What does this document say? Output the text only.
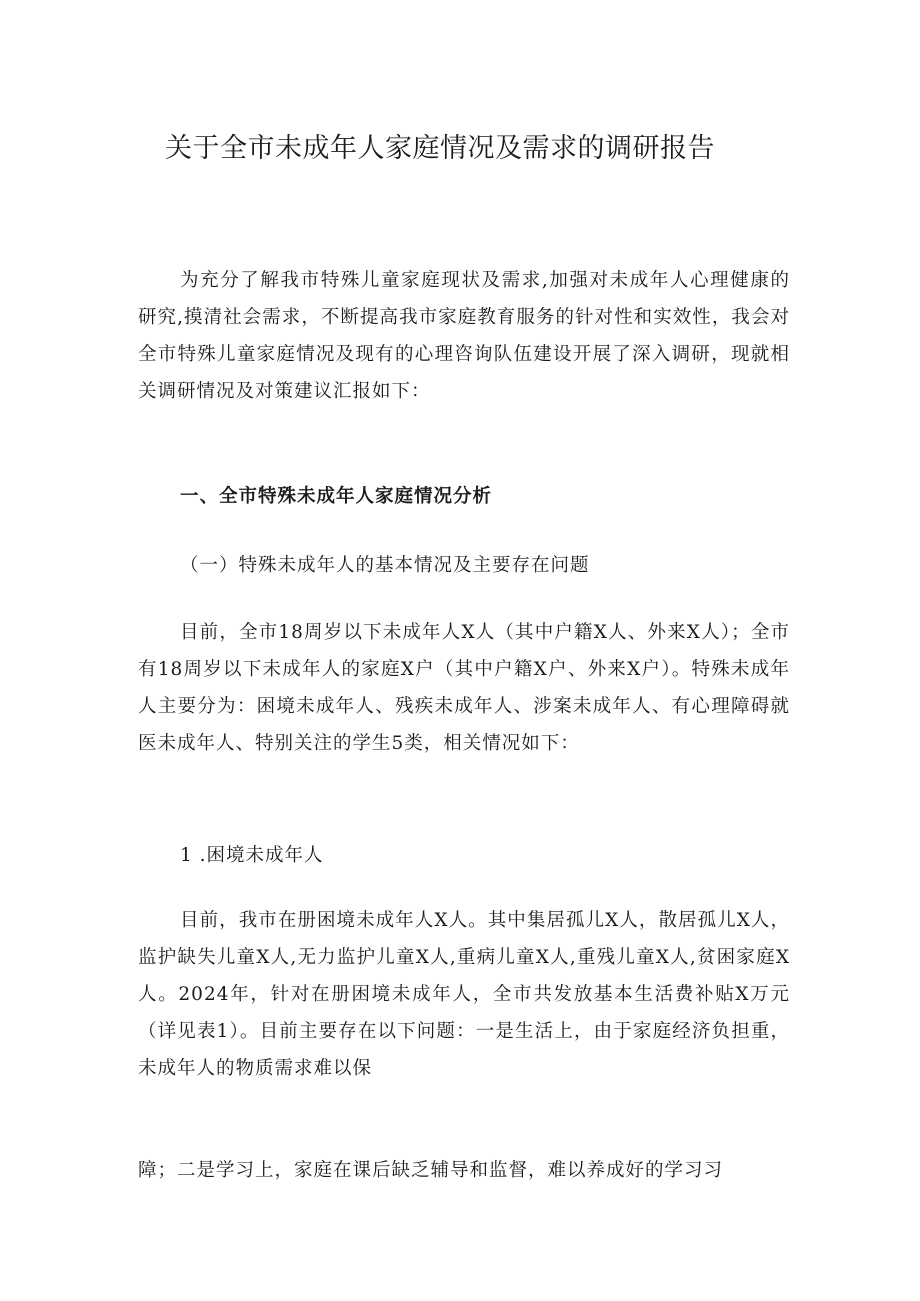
关于全市未成年人家庭情况及需求的调研报告

为充分了解我市特殊儿童家庭现状及需求,加强对未成年人心理健康的研究,摸清社会需求，不断提高我市家庭教育服务的针对性和实效性，我会对全市特殊儿童家庭情况及现有的心理咨询队伍建设开展了深入调研，现就相关调研情况及对策建议汇报如下：

一、全市特殊未成年人家庭情况分析

（一）特殊未成年人的基本情况及主要存在问题

目前，全市18周岁以下未成年人X人（其中户籍X人、外来X人）；全市有18周岁以下未成年人的家庭X户（其中户籍X户、外来X户）。特殊未成年人主要分为：困境未成年人、残疾未成年人、涉案未成年人、有心理障碍就医未成年人、特别关注的学生5类，相关情况如下：

1 .困境未成年人

目前，我市在册困境未成年人X人。其中集居孤儿X人，散居孤儿X人，监护缺失儿童X人,无力监护儿童X人,重病儿童X人,重残儿童X人,贫困家庭X人。2024年，针对在册困境未成年人，全市共发放基本生活费补贴X万元（详见表1）。目前主要存在以下问题：一是生活上，由于家庭经济负担重，未成年人的物质需求难以保

障；二是学习上，家庭在课后缺乏辅导和监督，难以养成好的学习习
